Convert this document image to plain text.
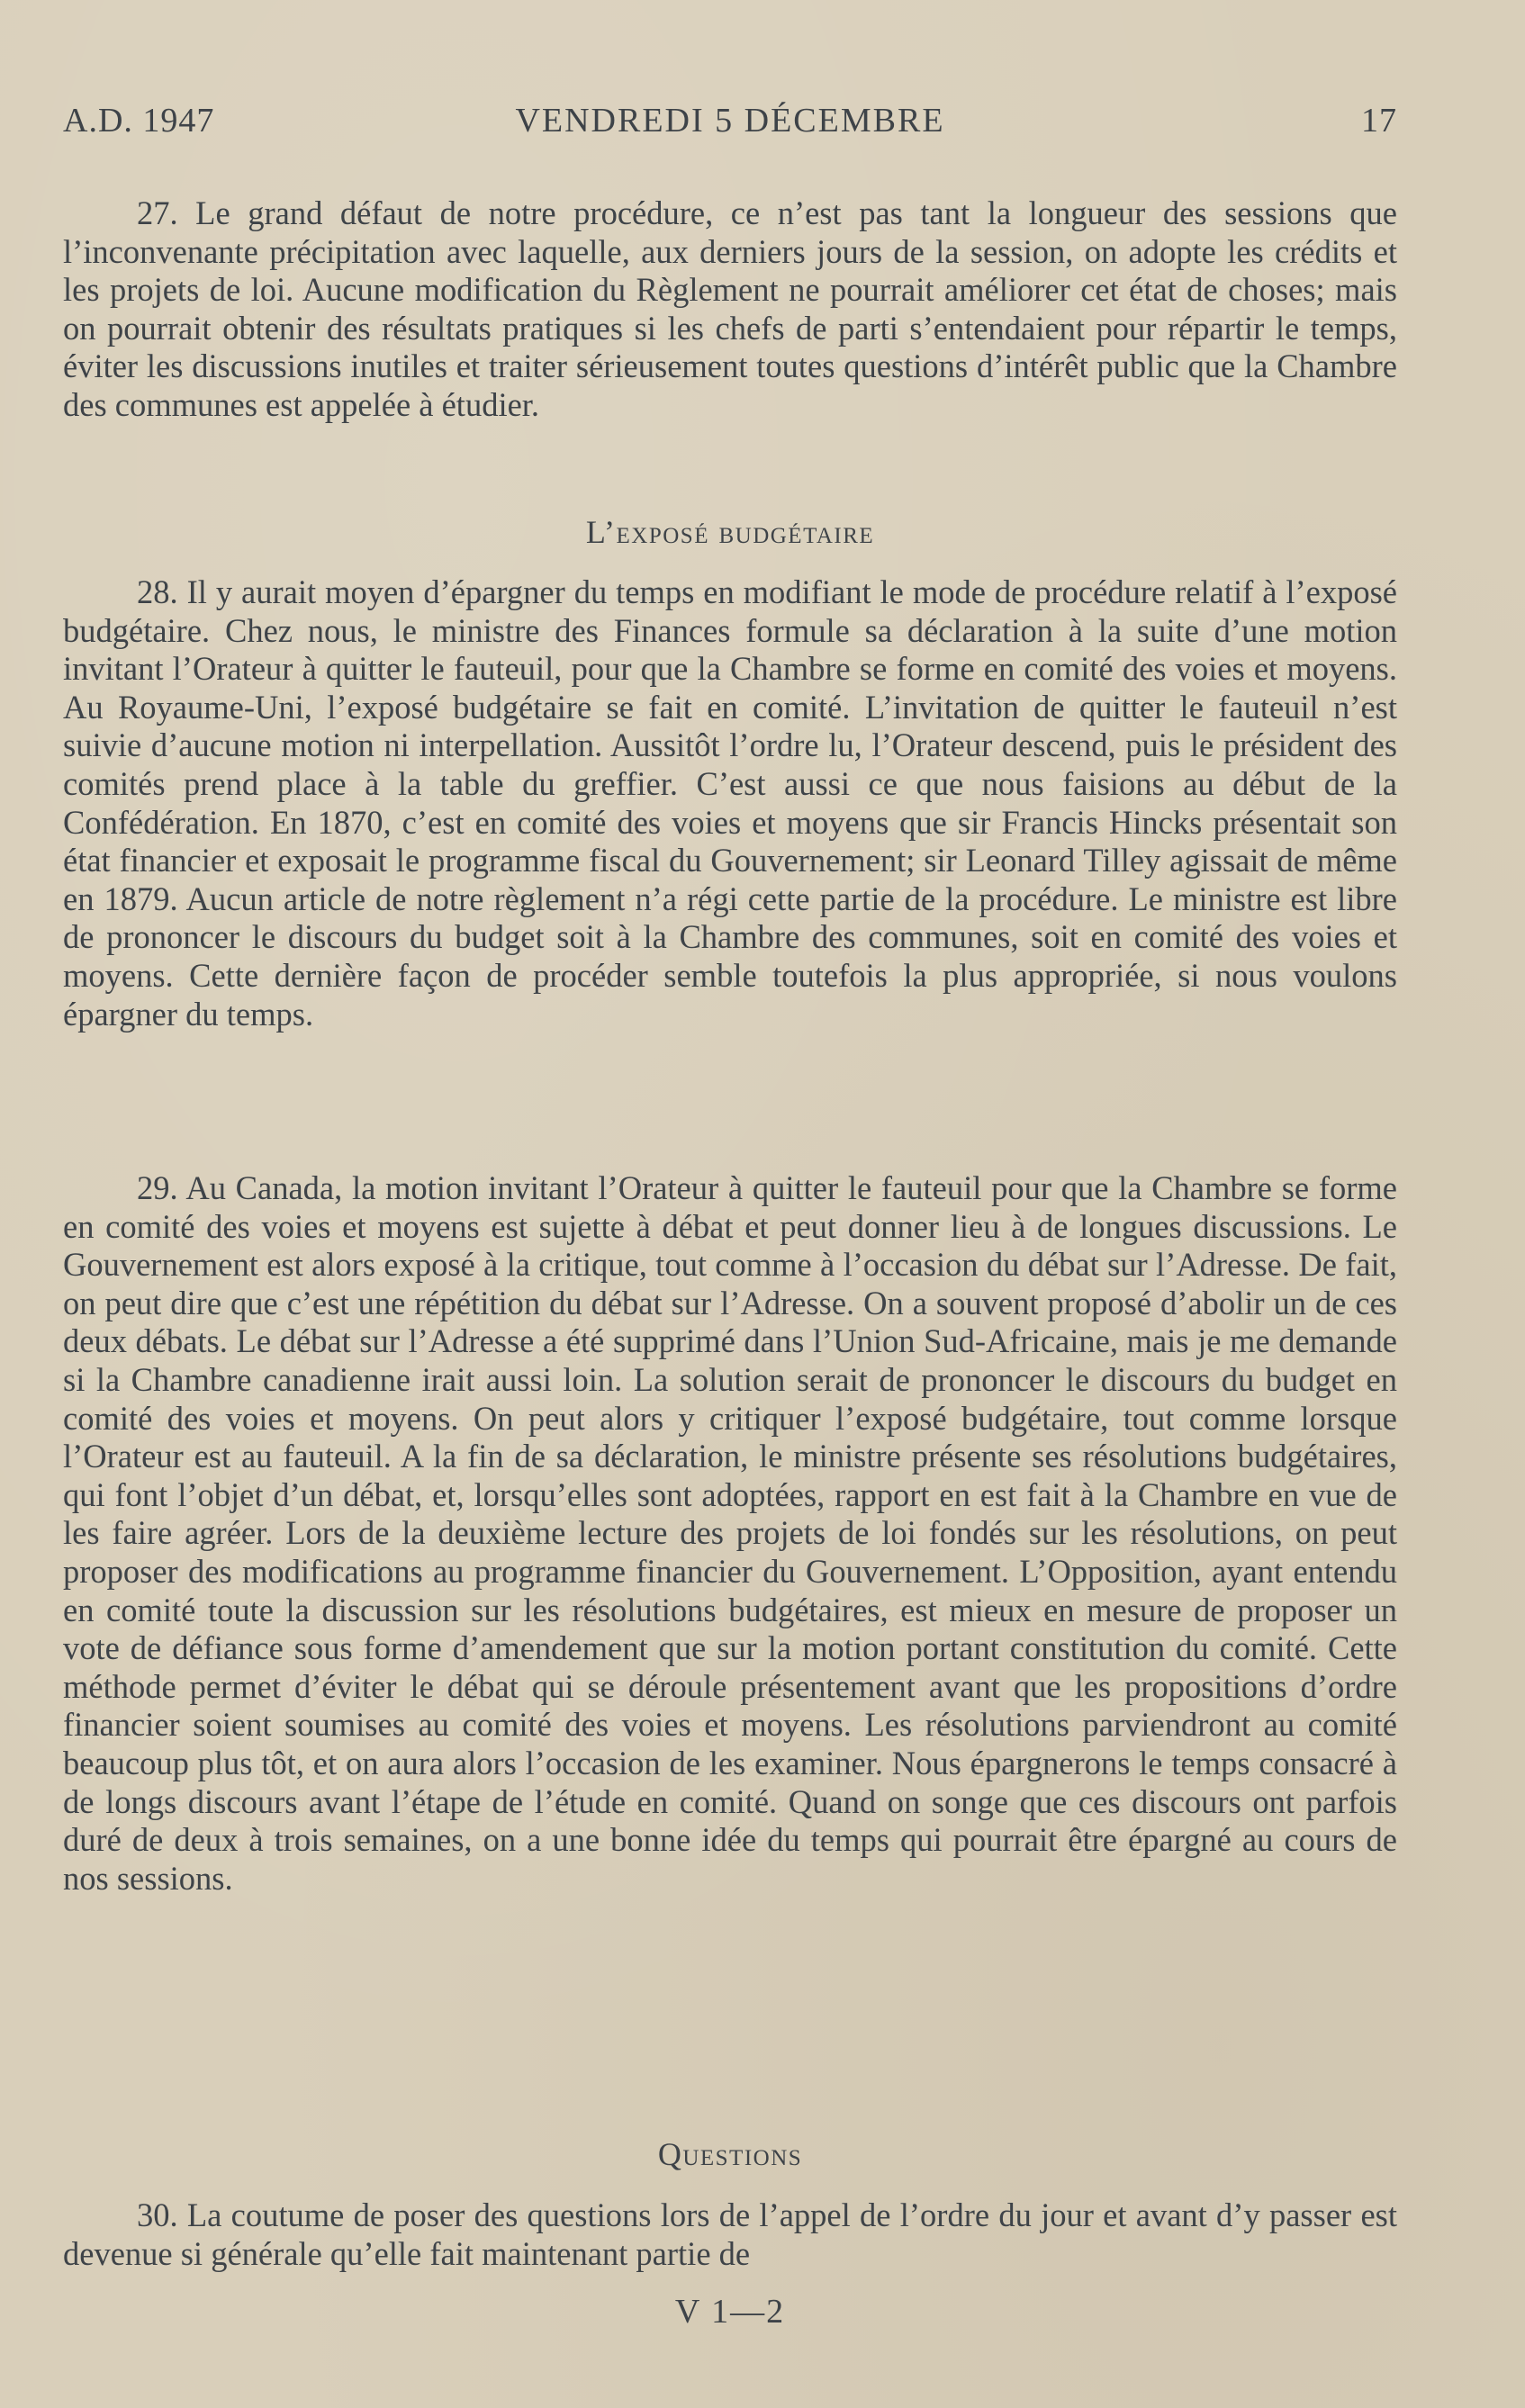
A.D. 1947	VENDREDI 5 DÉCEMBRE	17

27. Le grand défaut de notre procédure, ce n’est pas tant la longueur des sessions que l’inconvenante précipitation avec laquelle, aux derniers jours de la session, on adopte les crédits et les projets de loi. Aucune modification du Règlement ne pourrait améliorer cet état de choses; mais on pourrait obtenir des résultats pratiques si les chefs de parti s’entendaient pour répartir le temps, éviter les discussions inutiles et traiter sérieusement toutes questions d’intérêt public que la Chambre des communes est appelée à étudier.

L’exposé budgétaire

28. Il y aurait moyen d’épargner du temps en modifiant le mode de procédure relatif à l’exposé budgétaire. Chez nous, le ministre des Finances formule sa déclaration à la suite d’une motion invitant l’Orateur à quitter le fauteuil, pour que la Chambre se forme en comité des voies et moyens. Au Royaume-Uni, l’exposé budgétaire se fait en comité. L’invitation de quitter le fauteuil n’est suivie d’aucune motion ni interpellation. Aussitôt l’ordre lu, l’Orateur descend, puis le président des comités prend place à la table du greffier. C’est aussi ce que nous faisions au début de la Confédération. En 1870, c’est en comité des voies et moyens que sir Francis Hincks présentait son état financier et exposait le programme fiscal du Gouvernement; sir Leonard Tilley agissait de même en 1879. Aucun article de notre règlement n’a régi cette partie de la procédure. Le ministre est libre de prononcer le discours du budget soit à la Chambre des communes, soit en comité des voies et moyens. Cette dernière façon de procéder semble toutefois la plus appropriée, si nous voulons épargner du temps.

29. Au Canada, la motion invitant l’Orateur à quitter le fauteuil pour que la Chambre se forme en comité des voies et moyens est sujette à débat et peut donner lieu à de longues discussions. Le Gouvernement est alors exposé à la critique, tout comme à l’occasion du débat sur l’Adresse. De fait, on peut dire que c’est une répétition du débat sur l’Adresse. On a souvent proposé d’abolir un de ces deux débats. Le débat sur l’Adresse a été supprimé dans l’Union Sud-Africaine, mais je me demande si la Chambre canadienne irait aussi loin. La solution serait de prononcer le discours du budget en comité des voies et moyens. On peut alors y critiquer l’exposé budgétaire, tout comme lorsque l’Orateur est au fauteuil. A la fin de sa déclaration, le ministre présente ses résolutions budgétaires, qui font l’objet d’un débat, et, lorsqu’elles sont adoptées, rapport en est fait à la Chambre en vue de les faire agréer. Lors de la deuxième lecture des projets de loi fondés sur les résolutions, on peut proposer des modifications au programme financier du Gouvernement. L’Opposition, ayant entendu en comité toute la discussion sur les résolutions budgétaires, est mieux en mesure de proposer un vote de défiance sous forme d’amendement que sur la motion portant constitution du comité. Cette méthode permet d’éviter le débat qui se déroule présentement avant que les propositions d’ordre financier soient soumises au comité des voies et moyens. Les résolutions parviendront au comité beaucoup plus tôt, et on aura alors l’occasion de les examiner. Nous épargnerons le temps consacré à de longs discours avant l’étape de l’étude en comité. Quand on songe que ces discours ont parfois duré de deux à trois semaines, on a une bonne idée du temps qui pourrait être épargné au cours de nos sessions.

Questions

30. La coutume de poser des questions lors de l’appel de l’ordre du jour et avant d’y passer est devenue si générale qu’elle fait maintenant partie de

V 1—2
